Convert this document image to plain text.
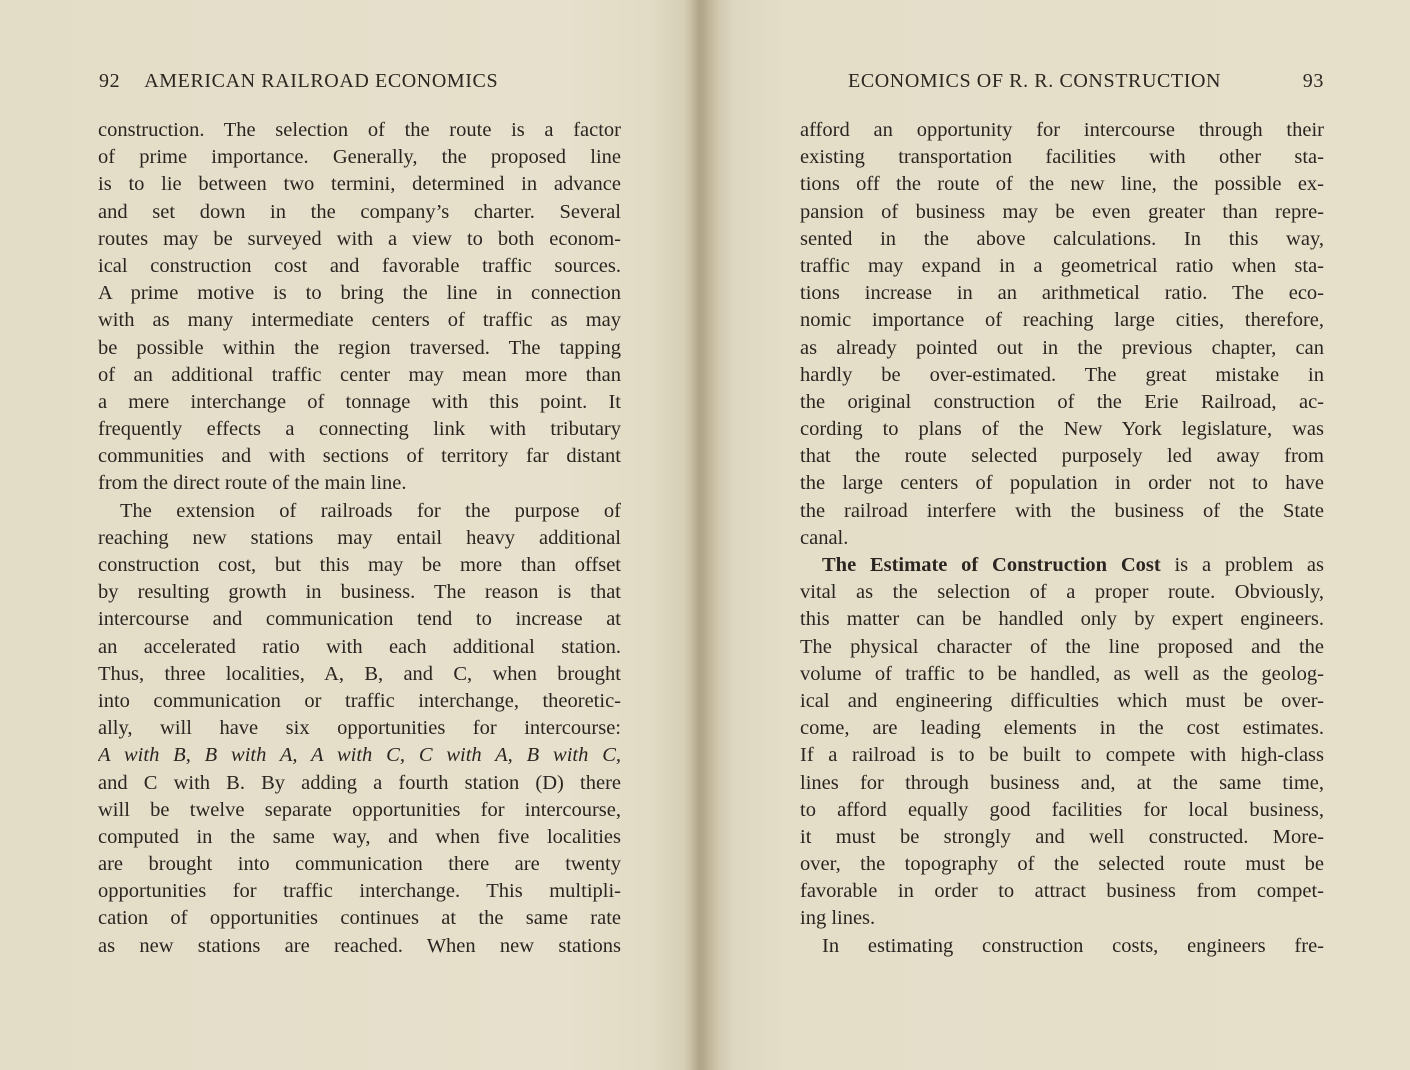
92 AMERICAN RAILROAD ECONOMICS
construction. The selection of the route is a factor
of prime importance. Generally, the proposed line
is to lie between two termini, determined in advance
and set down in the company’s charter. Several
routes may be surveyed with a view to both econom-
ical construction cost and favorable traffic sources.
A prime motive is to bring the line in connection
with as many intermediate centers of traffic as may
be possible within the region traversed. The tapping
of an additional traffic center may mean more than
a mere interchange of tonnage with this point. It
frequently effects a connecting link with tributary
communities and with sections of territory far distant
from the direct route of the main line.
The extension of railroads for the purpose of
reaching new stations may entail heavy additional
construction cost, but this may be more than offset
by resulting growth in business. The reason is that
intercourse and communication tend to increase at
an accelerated ratio with each additional station.
Thus, three localities, A, B, and C, when brought
into communication or traffic interchange, theoretic-
ally, will have six opportunities for intercourse:
A with B, B with A, A with C, C with A, B with C,
and C with B. By adding a fourth station (D) there
will be twelve separate opportunities for intercourse,
computed in the same way, and when five localities
are brought into communication there are twenty
opportunities for traffic interchange. This multipli-
cation of opportunities continues at the same rate
as new stations are reached. When new stations
ECONOMICS OF R. R. CONSTRUCTION	93
afford an opportunity for intercourse through their
existing transportation facilities with other sta-
tions off the route of the new line, the possible ex-
pansion of business may be even greater than repre-
sented in the above calculations. In this way,
traffic may expand in a geometrical ratio when sta-
tions increase in an arithmetical ratio. The eco-
nomic importance of reaching large cities, therefore,
as already pointed out in the previous chapter, can
hardly be over-estimated. The great mistake in
the original construction of the Erie Railroad, ac-
cording to plans of the New York legislature, was
that the route selected purposely led away from
the large centers of population in order not to have
the railroad interfere with the business of the State
canal.
The Estimate of Construction Cost is a problem as
vital as the selection of a proper route. Obviously,
this matter can be handled only by expert engineers.
The physical character of the line proposed and the
volume of traffic to be handled, as well as the geolog-
ical and engineering difficulties which must be over-
come, are leading elements in the cost estimates.
If a railroad is to be built to compete with high-class
lines for through business and, at the same time,
to afford equally good facilities for local business,
it must be strongly and well constructed. More-
over, the topography of the selected route must be
favorable in order to attract business from compet-
ing lines.
In estimating construction costs, engineers fre-
